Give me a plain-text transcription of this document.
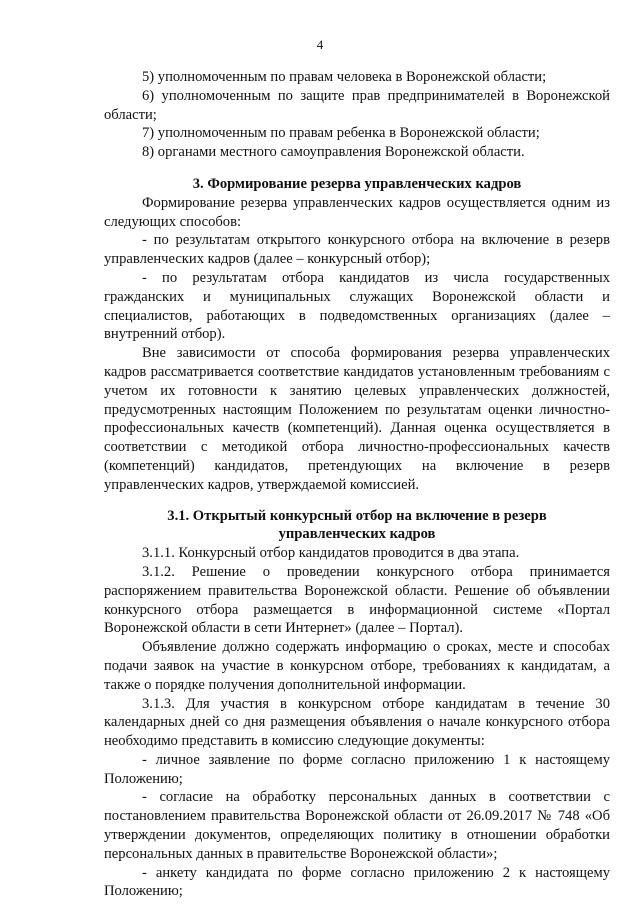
4

5) уполномоченным по правам человека в Воронежской области;

6) уполномоченным по защите прав предпринимателей в Воронежской области;

7) уполномоченным по правам ребенка в Воронежской области;

8) органами местного самоуправления Воронежской области.

3. Формирование резерва управленческих кадров

Формирование резерва управленческих кадров осуществляется одним из следующих способов:

- по результатам открытого конкурсного отбора на включение в резерв управленческих кадров (далее – конкурсный отбор);

- по результатам отбора кандидатов из числа государственных гражданских и муниципальных служащих Воронежской области и специалистов, работающих в подведомственных организациях (далее – внутренний отбор).

Вне зависимости от способа формирования резерва управленческих кадров рассматривается соответствие кандидатов установленным требованиям с учетом их готовности к занятию целевых управленческих должностей, предусмотренных настоящим Положением по результатам оценки личностно-профессиональных качеств (компетенций). Данная оценка осуществляется в соответствии с методикой отбора личностно-профессиональных качеств (компетенций) кандидатов, претендующих на включение в резерв управленческих кадров, утверждаемой комиссией.

3.1. Открытый конкурсный отбор на включение в резерв
управленческих кадров

3.1.1. Конкурсный отбор кандидатов проводится в два этапа.

3.1.2. Решение о проведении конкурсного отбора принимается распоряжением правительства Воронежской области. Решение об объявлении конкурсного отбора размещается в информационной системе «Портал Воронежской области в сети Интернет» (далее – Портал).

Объявление должно содержать информацию о сроках, месте и способах подачи заявок на участие в конкурсном отборе, требованиях к кандидатам, а также о порядке получения дополнительной информации.

3.1.3. Для участия в конкурсном отборе кандидатам в течение 30 календарных дней со дня размещения объявления о начале конкурсного отбора необходимо представить в комиссию следующие документы:

- личное заявление по форме согласно приложению 1 к настоящему Положению;

- согласие на обработку персональных данных в соответствии с постановлением правительства Воронежской области от 26.09.2017 № 748 «Об утверждении документов, определяющих политику в отношении обработки персональных данных в правительстве Воронежской области»;

- анкету кандидата по форме согласно приложению 2 к настоящему Положению;
